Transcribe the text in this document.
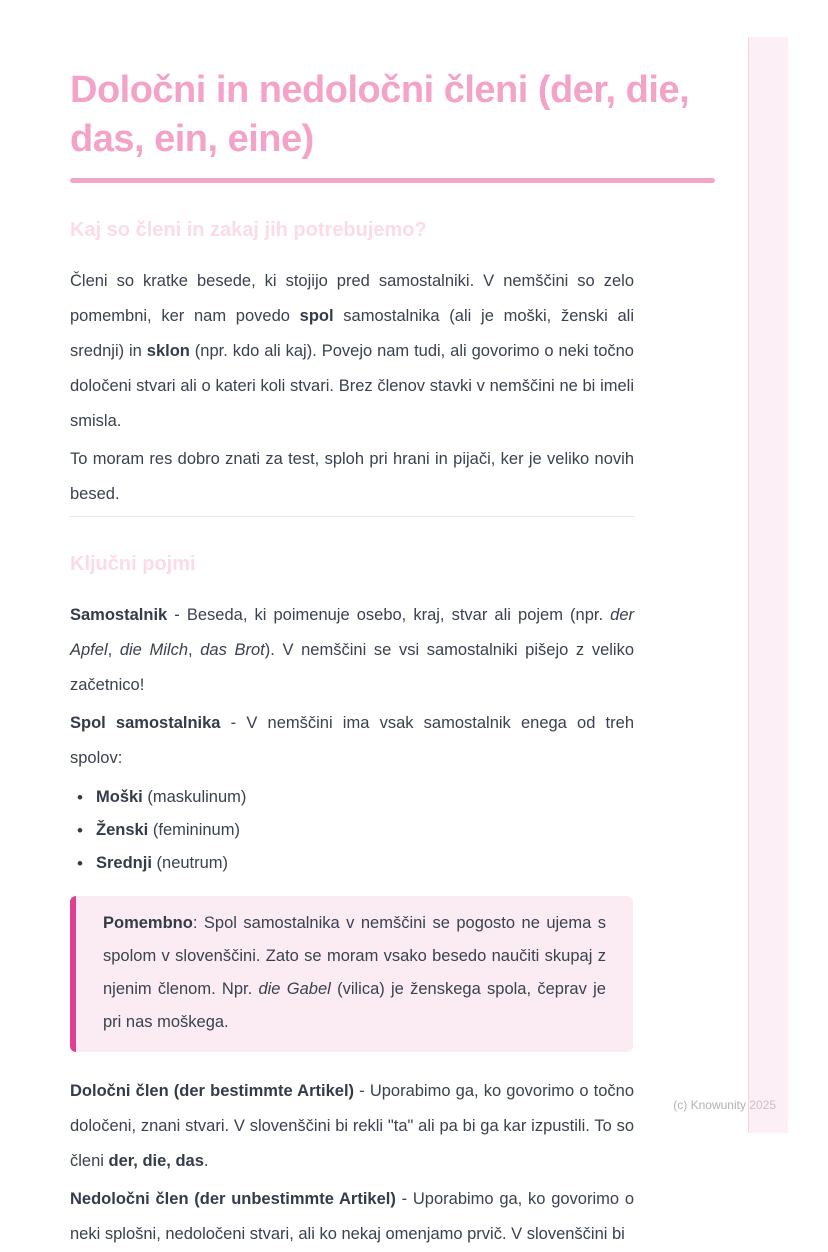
Določni in nedoločni členi (der, die, das, ein, eine)
Kaj so členi in zakaj jih potrebujemo?

Členi so kratke besede, ki stojijo pred samostalniki. V nemščini so zelo pomembni, ker nam povedo spol samostalnika (ali je moški, ženski ali srednji) in sklon (npr. kdo ali kaj). Povejo nam tudi, ali govorimo o neki točno določeni stvari ali o kateri koli stvari. Brez členov stavki v nemščini ne bi imeli smisla.

To moram res dobro znati za test, sploh pri hrani in pijači, ker je veliko novih besed.

Ključni pojmi

Samostalnik - Beseda, ki poimenuje osebo, kraj, stvar ali pojem (npr. der Apfel, die Milch, das Brot). V nemščini se vsi samostalniki pišejo z veliko začetnico!

Spol samostalnika - V nemščini ima vsak samostalnik enega od treh spolov:

• Moški (maskulinum)
• Ženski (femininum)
• Srednji (neutrum)

Pomembno: Spol samostalnika v nemščini se pogosto ne ujema s spolom v slovenščini. Zato se moram vsako besedo naučiti skupaj z njenim členom. Npr. die Gabel (vilica) je ženskega spola, čeprav je pri nas moškega.

Določni člen (der bestimmte Artikel) - Uporabimo ga, ko govorimo o točno določeni, znani stvari. V slovenščini bi rekli "ta" ali pa bi ga kar izpustili. To so členi der, die, das.

Nedoločni člen (der unbestimmte Artikel) - Uporabimo ga, ko govorimo o neki splošni, nedoločeni stvari, ali ko nekaj omenjamo prvič. V slovenščini bi

(c) Knowunity 2025
